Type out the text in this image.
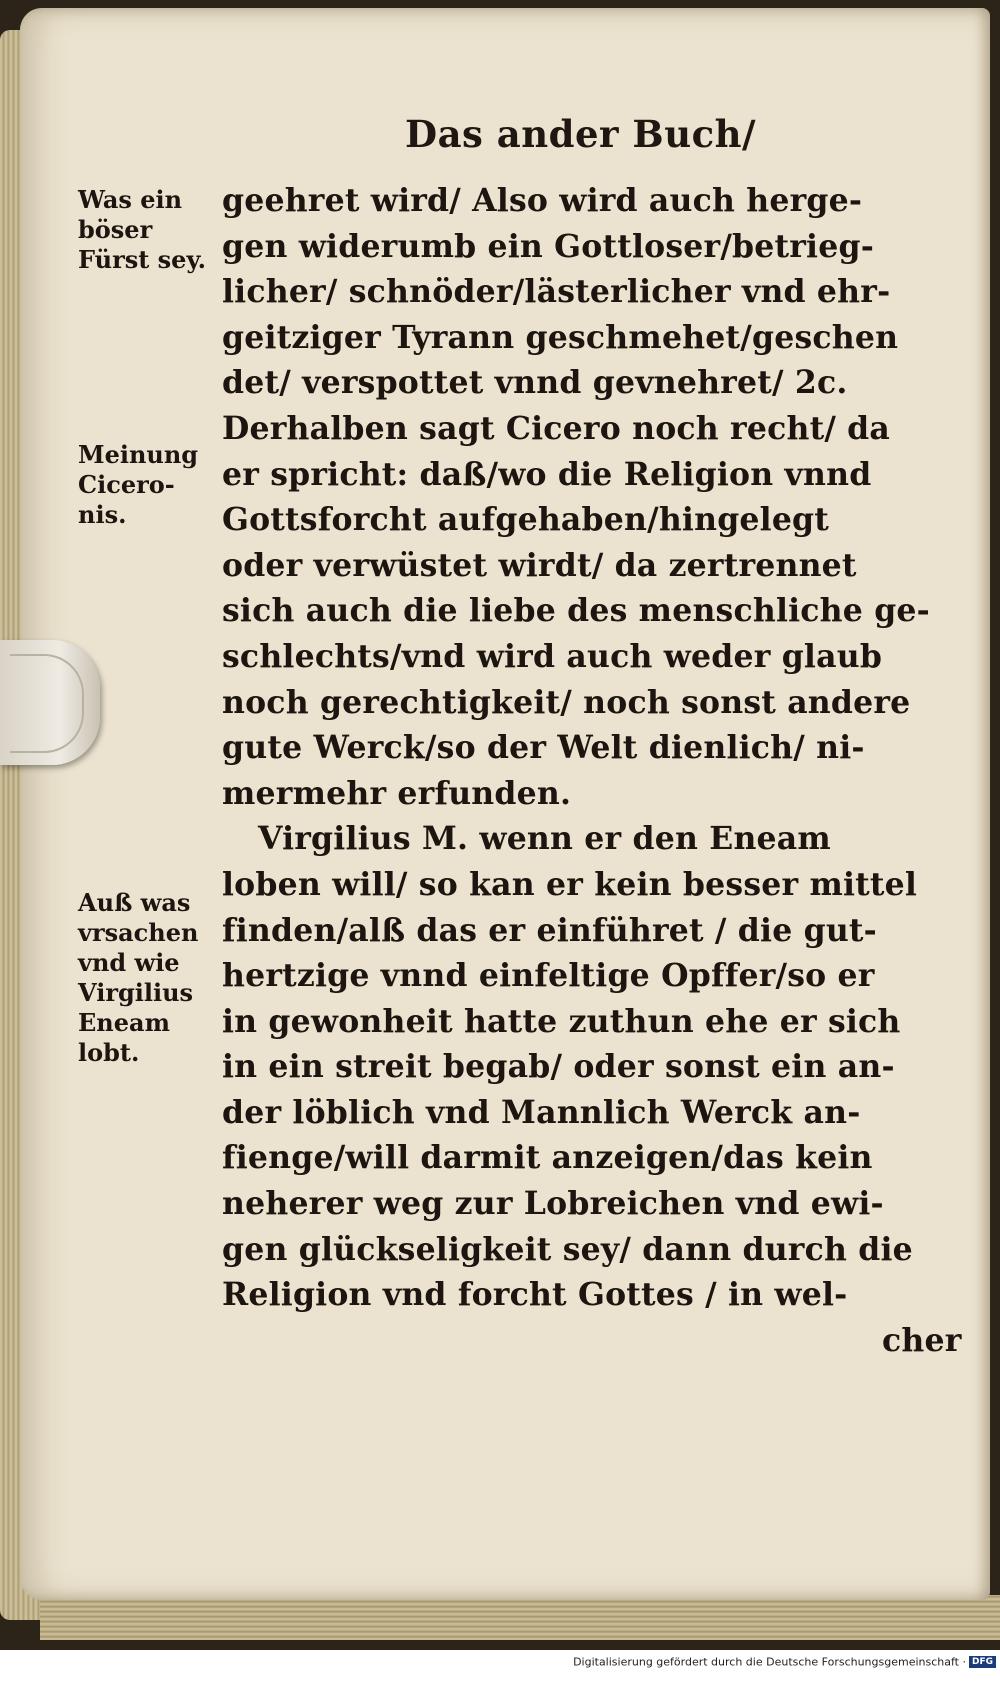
Das ander Buch/
Was ein
böser
Fürst sey.
Meinung
Cicero-
nis.
Auß was
vrsachen
vnd wie
Virgilius
Eneam
lobt.
geehret wird/ Also wird auch herge-
gen widerumb ein Gottloser/betrieg-
licher/ schnöder/lästerlicher vnd ehr-
geitziger Tyrann geschmehet/geschen
det/ verspottet vnnd gevnehret/ 2c.
Derhalben sagt Cicero noch recht/ da
er spricht: daß/wo die Religion vnnd
Gottsforcht aufgehaben/hingelegt
oder verwüstet wirdt/ da zertrennet
sich auch die liebe des menschliche ge-
schlechts/vnd wird auch weder glaub
noch gerechtigkeit/ noch sonst andere
gute Werck/so der Welt dienlich/ ni-
mermehr erfunden.
Virgilius M. wenn er den Eneam
loben will/ so kan er kein besser mittel
finden/alß das er einführet / die gut-
hertzige vnnd einfeltige Opffer/so er
in gewonheit hatte zuthun ehe er sich
in ein streit begab/ oder sonst ein an-
der löblich vnd Mannlich Werck an-
fienge/will darmit anzeigen/das kein
neherer weg zur Lobreichen vnd ewi-
gen glückseligkeit sey/ dann durch die
Religion vnd forcht Gottes / in wel-
cher
Digitalisierung gefördert durch die Deutsche Forschungsgemeinschaft · DFG
